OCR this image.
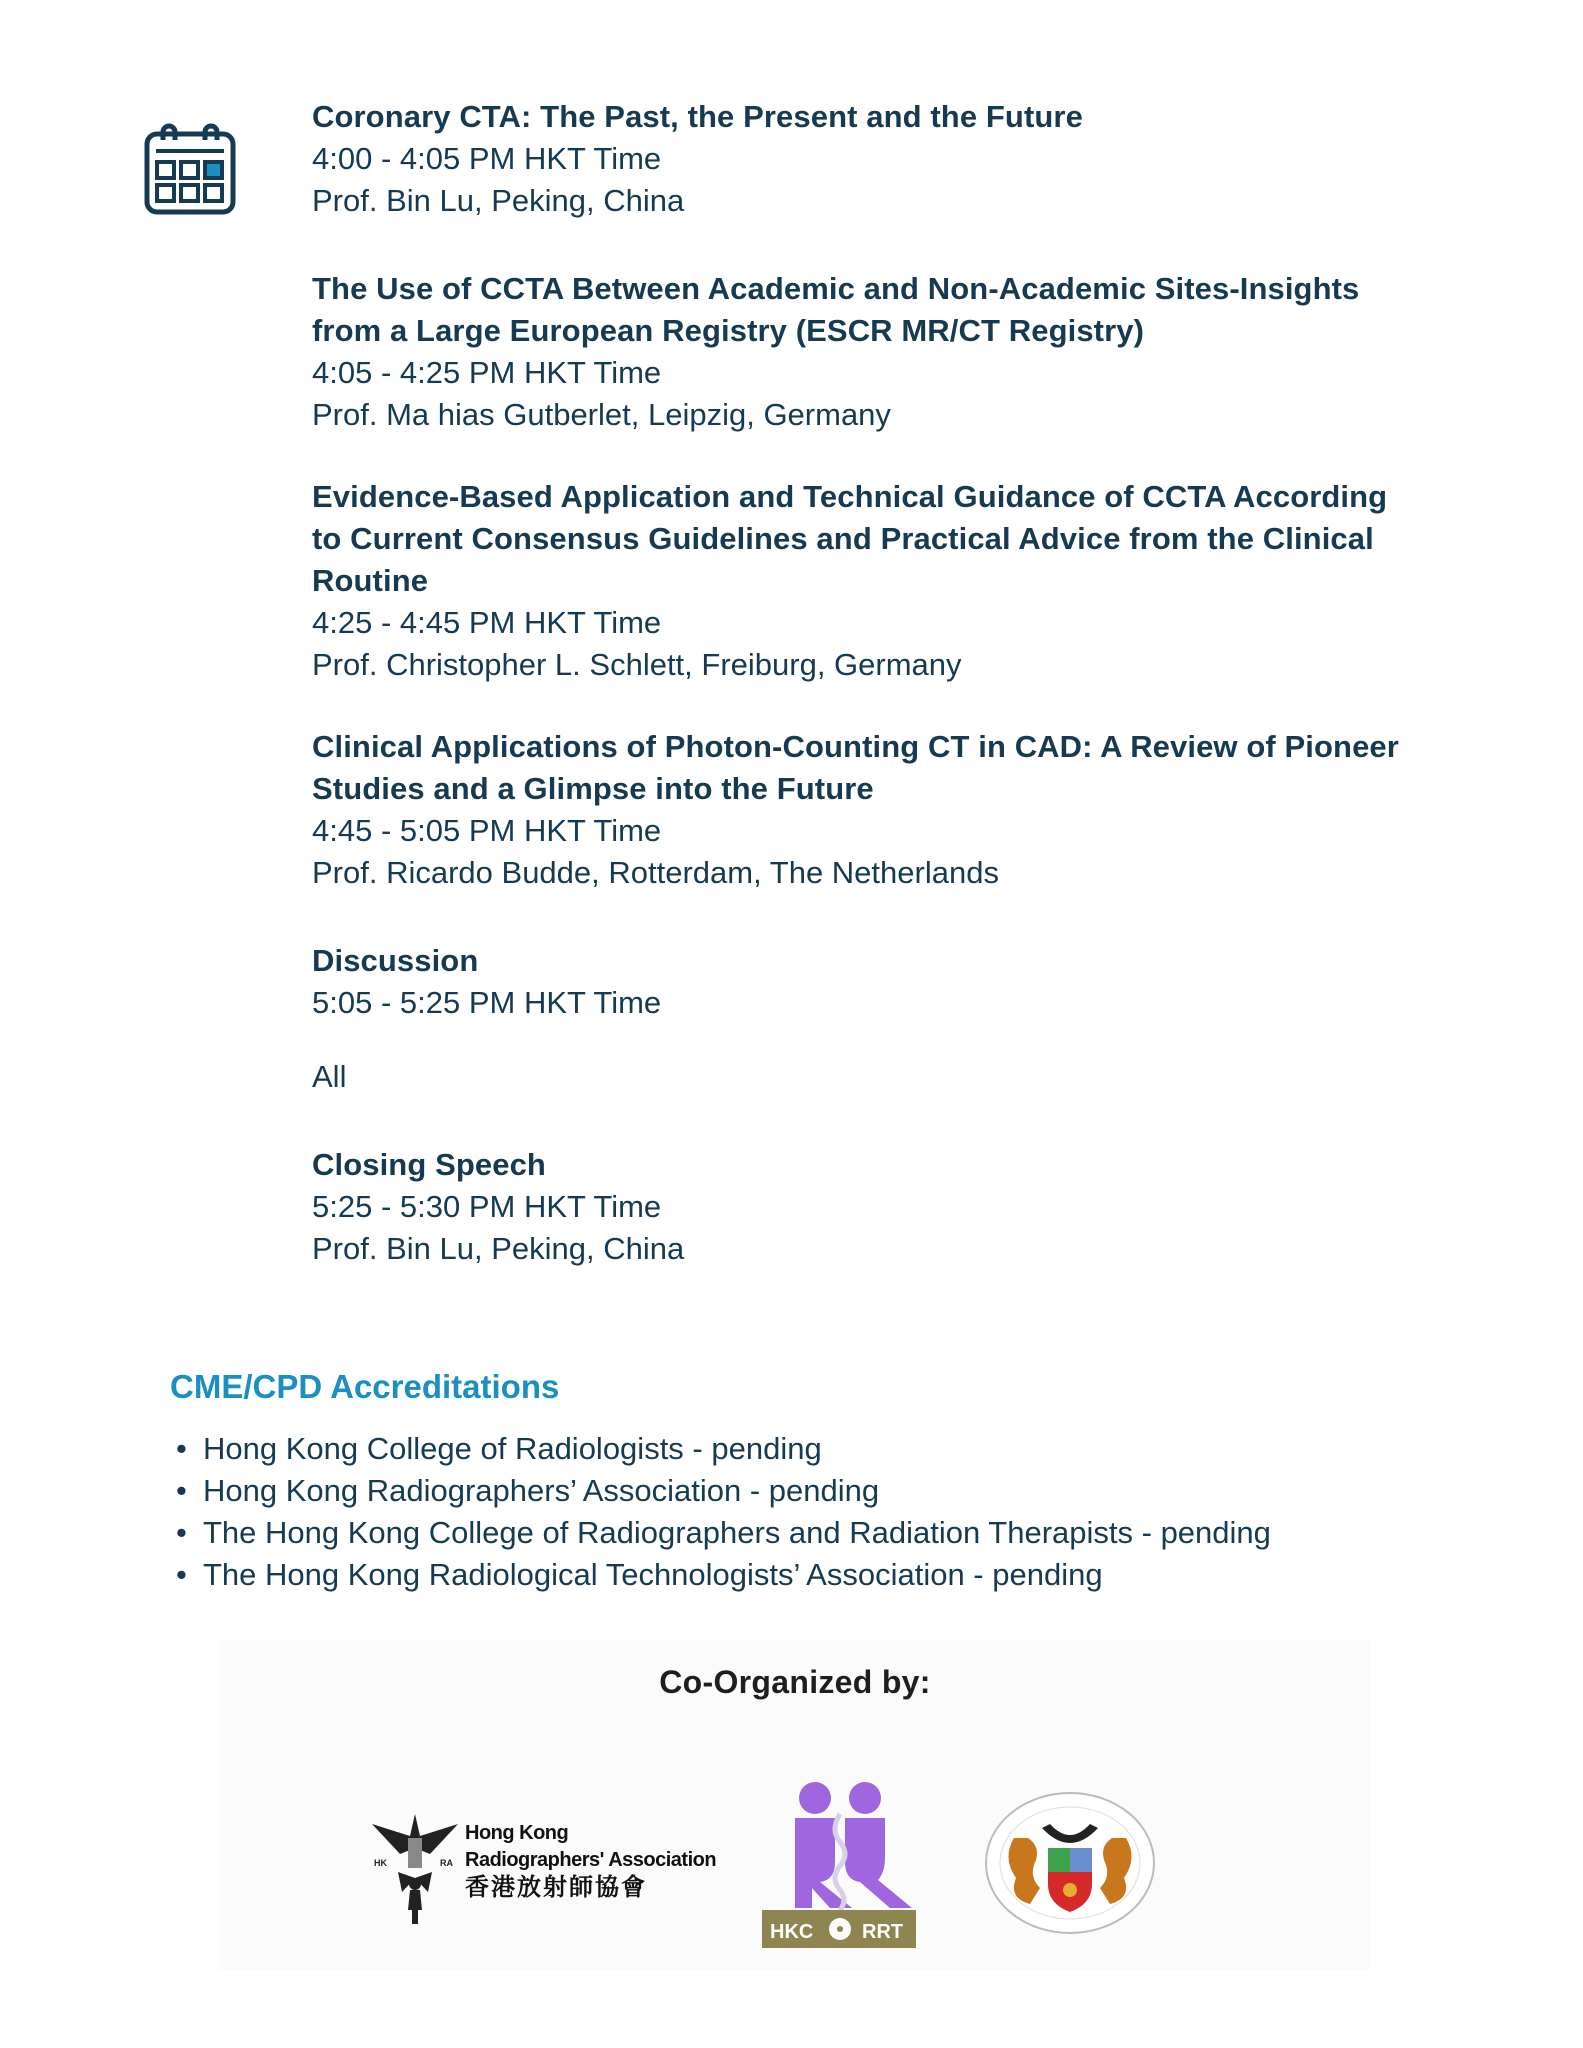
Coronary CTA: The Past, the Present and the Future
4:00 - 4:05 PM HKT Time
Prof. Bin Lu, Peking, China
The Use of CCTA Between Academic and Non-Academic Sites-Insights
from a Large European Registry (ESCR MR/CT Registry)
4:05 - 4:25 PM HKT Time
Prof. Ma hias Gutberlet, Leipzig, Germany
Evidence-Based Application and Technical Guidance of CCTA According
to Current Consensus Guidelines and Practical Advice from the Clinical
Routine
4:25 - 4:45 PM HKT Time
Prof. Christopher L. Schlett, Freiburg, Germany
Clinical Applications of Photon-Counting CT in CAD: A Review of Pioneer
Studies and a Glimpse into the Future
4:45 - 5:05 PM HKT Time
Prof. Ricardo Budde, Rotterdam, The Netherlands
Discussion
5:05 - 5:25 PM HKT Time
All
Closing Speech
5:25 - 5:30 PM HKT Time
Prof. Bin Lu, Peking, China
CME/CPD Accreditations
• Hong Kong College of Radiologists - pending
• Hong Kong Radiographers’ Association - pending
• The Hong Kong College of Radiographers and Radiation Therapists - pending
• The Hong Kong Radiological Technologists’ Association - pending
Co-Organized by:
HK	RA
Hong Kong
Radiographers' Association
香港放射師協會
HKC RRT
